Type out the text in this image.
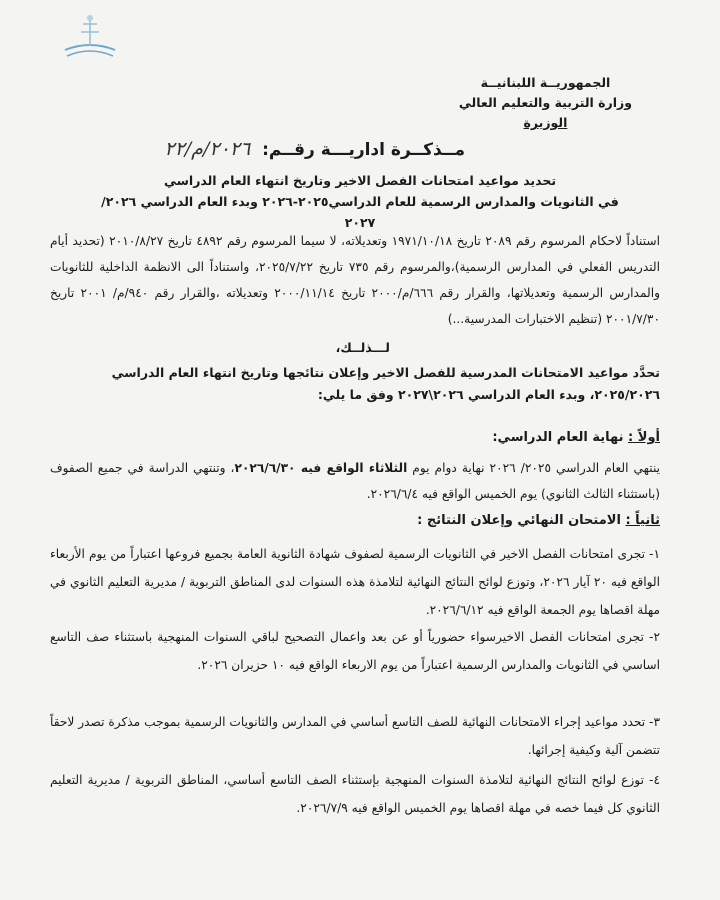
الجمهوريــة اللبنانيــة
وزارة التربية والتعليم العالي
الوزيرة
مــذكــرة اداريـــة رقــم: ٢٠٢٦/م/٢٢
تحديد مواعيد امتحانات الفصل الاخير وتاريخ انتهاء العام الدراسي
في الثانويات والمدارس الرسمية للعام الدراسي٢٠٢٥-٢٠٢٦ وبدء العام الدراسي ٢٠٢٦/ ٢٠٢٧
استناداً لاحكام المرسوم رقم ٢٠٨٩ تاريخ ١٩٧١/١٠/١٨ وتعديلاته، لا سيما المرسوم رقم ٤٨٩٢ تاريخ ٢٠١٠/٨/٢٧ (تحديد أيام التدريس الفعلي في المدارس الرسمية)،والمرسوم رقم ٧٣٥ تاريخ ٢٠٢٥/٧/٢٢، واستناداً الى الانظمة الداخلية للثانويات والمدارس الرسمية وتعديلاتها، والقرار رقم ٦٦٦/م/٢٠٠٠ تاريخ ٢٠٠٠/١١/١٤ وتعديلاته ،والقرار رقم ٩٤٠/م/ ٢٠٠١ تاريخ ٢٠٠١/٧/٣٠ (تنظيم الاختبارات المدرسية...)
لـــذلــك،
تحدَّد مواعيد الامتحانات المدرسية للفصل الاخير وإعلان نتائجها وتاريخ انتهاء العام الدراسي ٢٠٢٥/٢٠٢٦، وبدء العام الدراسي ٢٠٢٦\٢٠٢٧ وفق ما يلي:
أولاً : نهاية العام الدراسي:
ينتهي العام الدراسي ٢٠٢٥/ ٢٠٢٦ نهاية دوام يوم الثلاثاء الواقع فيه ٢٠٢٦/٦/٣٠، وتنتهي الدراسة في جميع الصفوف (باستثناء الثالث الثانوي) يوم الخميس الواقع فيه ٢٠٢٦/٦/٤.
ثانياً : الامتحان النهائي وإعلان النتائج :
١- تجرى امتحانات الفصل الاخير في الثانويات الرسمية لصفوف شهادة الثانوية العامة بجميع فروعها اعتباراً من يوم الأربعاء الواقع فيه ٢٠ آيار ٢٠٢٦، وتوزع لوائح النتائج النهائية لتلامذة هذه السنوات لدى المناطق التربوية / مديرية التعليم الثانوي في مهلة اقصاها يوم الجمعة الواقع فيه ٢٠٢٦/٦/١٢.
٢- تجرى امتحانات الفصل الاخيرسواء حضورياً أو عن بعد واعمال التصحيح لباقي السنوات المنهجية باستثناء صف التاسع اساسي في الثانويات والمدارس الرسمية اعتباراً من يوم الاربعاء الواقع فيه ١٠ حزيران ٢٠٢٦.
٣- تحدد مواعيد إجراء الامتحانات النهائية للصف التاسع أساسي في المدارس والثانويات الرسمية بموجب مذكرة تصدر لاحقاً تتضمن آلية وكيفية إجرائها.
٤- توزع لوائح النتائج النهائية لتلامذة السنوات المنهجية بإستثناء الصف التاسع أساسي، المناطق التربوية / مديرية التعليم الثانوي كل فيما خصه في مهلة اقصاها يوم الخميس الواقع فيه ٢٠٢٦/٧/٩.
